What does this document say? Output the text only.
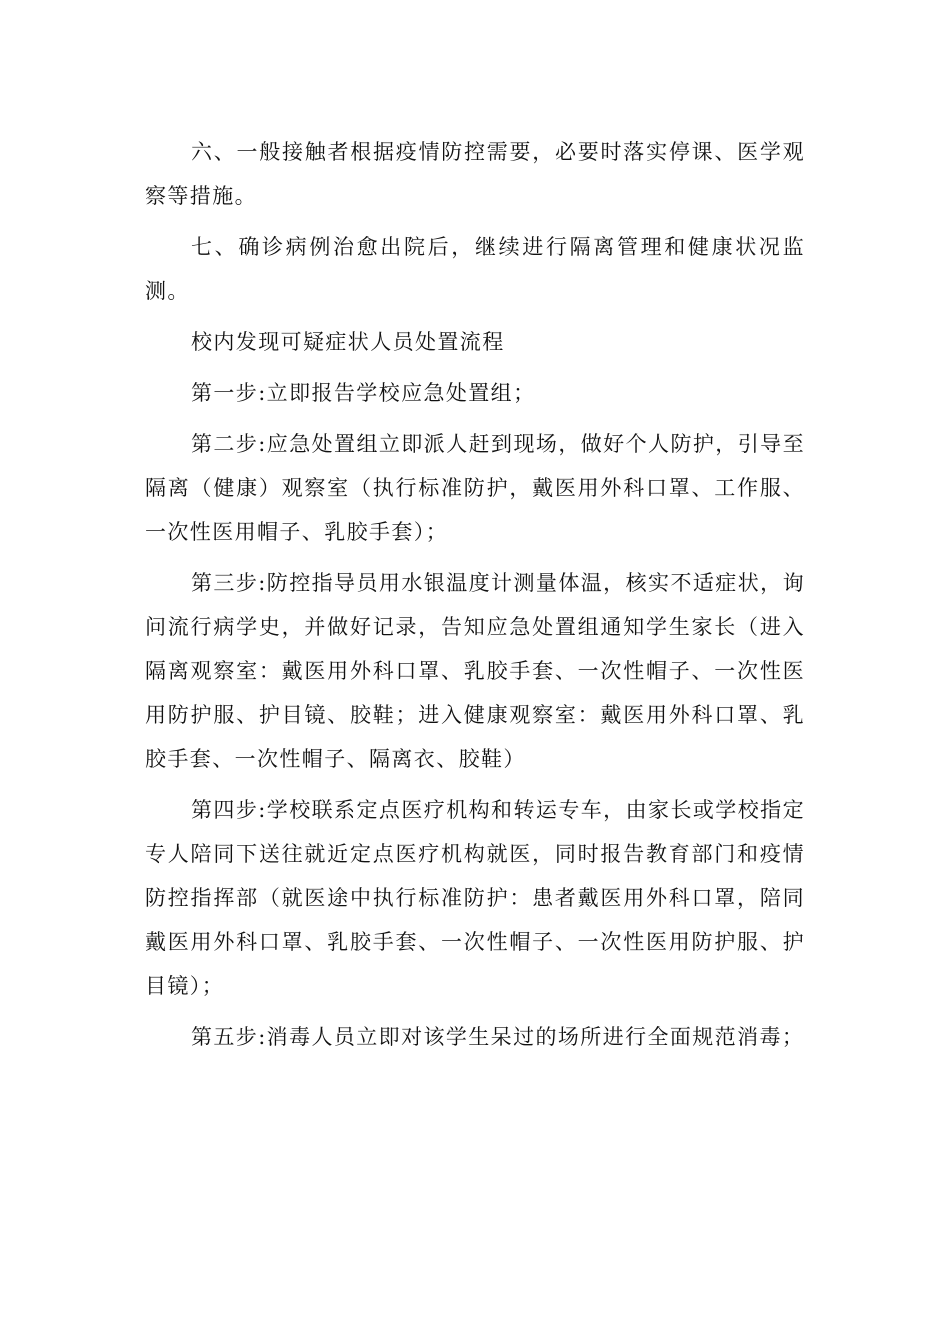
六、一般接触者根据疫情防控需要，必要时落实停课、医学观察等措施。

七、确诊病例治愈出院后，继续进行隔离管理和健康状况监测。

校内发现可疑症状人员处置流程

第一步:立即报告学校应急处置组；

第二步:应急处置组立即派人赶到现场，做好个人防护，引导至隔离（健康）观察室（执行标准防护，戴医用外科口罩、工作服、一次性医用帽子、乳胶手套）；

第三步:防控指导员用水银温度计测量体温，核实不适症状，询问流行病学史，并做好记录，告知应急处置组通知学生家长（进入隔离观察室：戴医用外科口罩、乳胶手套、一次性帽子、一次性医用防护服、护目镜、胶鞋；进入健康观察室：戴医用外科口罩、乳胶手套、一次性帽子、隔离衣、胶鞋）

第四步:学校联系定点医疗机构和转运专车，由家长或学校指定专人陪同下送往就近定点医疗机构就医，同时报告教育部门和疫情防控指挥部（就医途中执行标准防护：患者戴医用外科口罩，陪同戴医用外科口罩、乳胶手套、一次性帽子、一次性医用防护服、护目镜）；

第五步:消毒人员立即对该学生呆过的场所进行全面规范消毒；
